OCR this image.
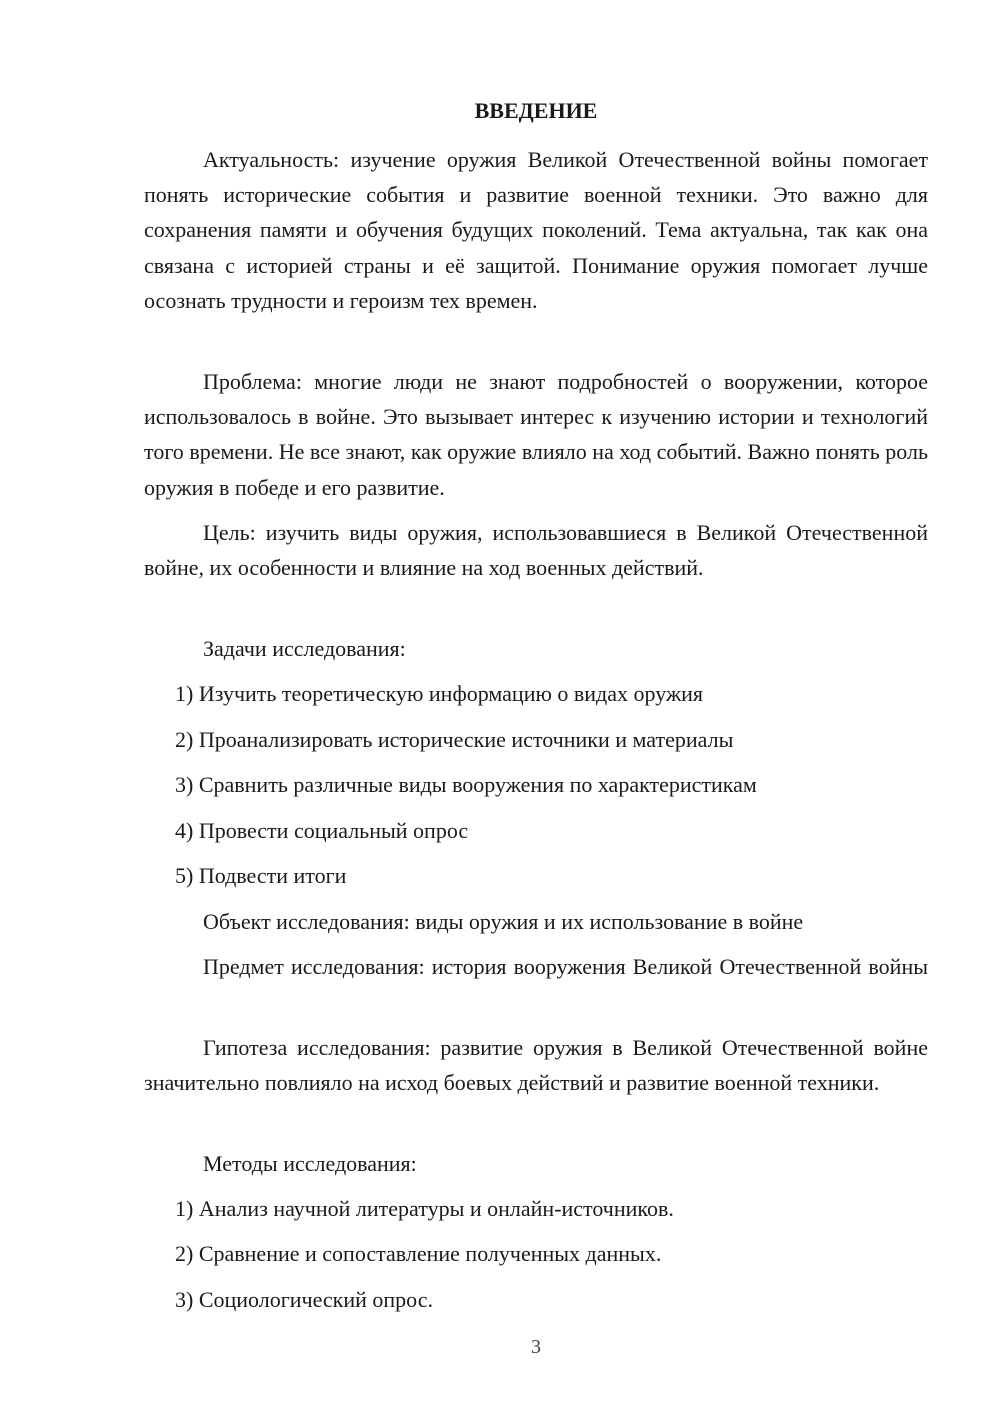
ВВЕДЕНИЕ

Актуальность: изучение оружия Великой Отечественной войны помогает понять исторические события и развитие военной техники. Это важно для сохранения памяти и обучения будущих поколений. Тема актуальна, так как она связана с историей страны и её защитой. Понимание оружия помогает лучше осознать трудности и героизм тех времен.

Проблема: многие люди не знают подробностей о вооружении, которое использовалось в войне. Это вызывает интерес к изучению истории и технологий того времени. Не все знают, как оружие влияло на ход событий. Важно понять роль оружия в победе и его развитие.

Цель: изучить виды оружия, использовавшиеся в Великой Отечественной войне, их особенности и влияние на ход военных действий.

Задачи исследования:

1) Изучить теоретическую информацию о видах оружия

2) Проанализировать исторические источники и материалы

3) Сравнить различные виды вооружения по характеристикам

4) Провести социальный опрос

5) Подвести итоги

Объект исследования: виды оружия и их использование в войне

Предмет исследования: история вооружения Великой Отечественной войны

Гипотеза исследования: развитие оружия в Великой Отечественной войне значительно повлияло на исход боевых действий и развитие военной техники.

Методы исследования:

1) Анализ научной литературы и онлайн-источников.

2) Сравнение и сопоставление полученных данных.

3) Социологический опрос.

3
